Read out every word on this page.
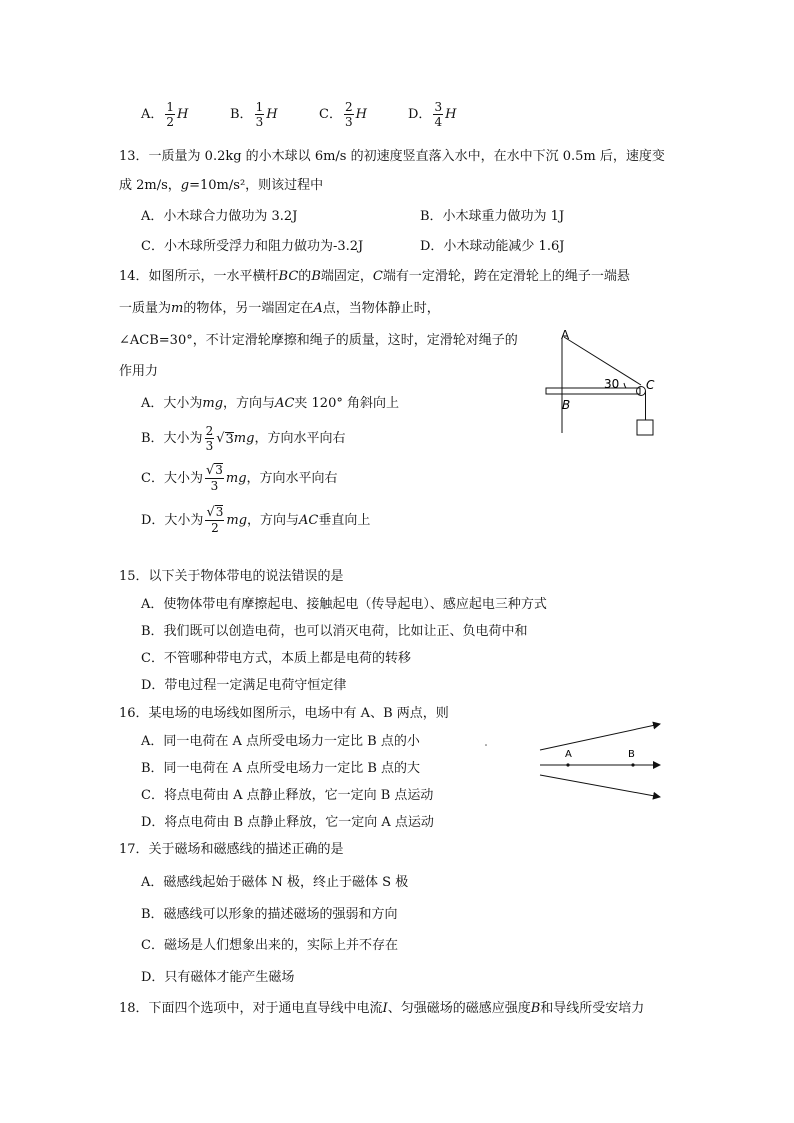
A． $\frac{1}{2}$ H	B． $\frac{1}{3}$ H	C． $\frac{2}{3}$ H	D． $\frac{3}{4}$ H
13．一质量为 0.2kg 的小木球以 6m/s 的初速度竖直落入水中，在水中下沉 0.5m 后，速度变
成 2m/s，g=10m/s²，则该过程中
A．小木球合力做功为 3.2J	B．小木球重力做功为 1J
C．小木球所受浮力和阻力做功为-3.2J	D．小木球动能减少 1.6J
14．如图所示，一水平横杆BC的B端固定，C端有一定滑轮，跨在定滑轮上的绳子一端悬
一质量为m的物体，另一端固定在A点，当物体静止时，
∠ACB=30°，不计定滑轮摩擦和绳子的质量，这时，定滑轮对绳子的
作用力
A．大小为mg，方向与AC夹 120° 角斜向上
B．大小为 $\frac{2}{3}$ √ 3 mg ，方向水平向右
C．大小为 $\frac{√3}{3}$ mg ，方向水平向右
D．大小为 $\frac{√3}{2}$ mg ，方向与 AC 垂直向上
A
30 C
B
15．以下关于物体带电的说法错误的是
A．使物体带电有摩擦起电、接触起电（传导起电）、感应起电三种方式
B．我们既可以创造电荷，也可以消灭电荷，比如让正、负电荷中和
C．不管哪种带电方式，本质上都是电荷的转移
D．带电过程一定满足电荷守恒定律
16．某电场的电场线如图所示，电场中有 A、B 两点，则
A．同一电荷在 A 点所受电场力一定比 B 点的小
B．同一电荷在 A 点所受电场力一定比 B 点的大
C．将点电荷由 A 点静止释放，它一定向 B 点运动
D．将点电荷由 B 点静止释放，它一定向 A 点运动
A	B
17．关于磁场和磁感线的描述正确的是
A．磁感线起始于磁体 N 极，终止于磁体 S 极
B．磁感线可以形象的描述磁场的强弱和方向
C．磁场是人们想象出来的，实际上并不存在
D．只有磁体才能产生磁场
18．下面四个选项中，对于通电直导线中电流I、匀强磁场的磁感应强度B和导线所受安培力
